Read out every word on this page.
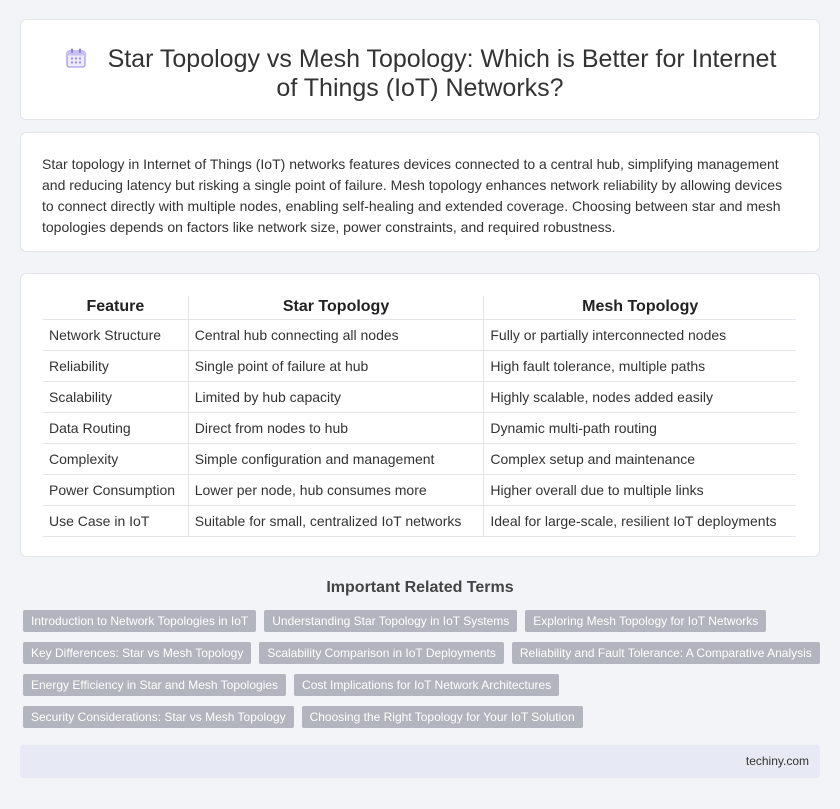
Star Topology vs Mesh Topology: Which is Better for Internet of Things (IoT) Networks?

Star topology in Internet of Things (IoT) networks features devices connected to a central hub, simplifying management and reducing latency but risking a single point of failure. Mesh topology enhances network reliability by allowing devices to connect directly with multiple nodes, enabling self-healing and extended coverage. Choosing between star and mesh topologies depends on factors like network size, power constraints, and required robustness.

Feature	Star Topology	Mesh Topology
Network Structure	Central hub connecting all nodes	Fully or partially interconnected nodes
Reliability	Single point of failure at hub	High fault tolerance, multiple paths
Scalability	Limited by hub capacity	Highly scalable, nodes added easily
Data Routing	Direct from nodes to hub	Dynamic multi-path routing
Complexity	Simple configuration and management	Complex setup and maintenance
Power Consumption	Lower per node, hub consumes more	Higher overall due to multiple links
Use Case in IoT	Suitable for small, centralized IoT networks	Ideal for large-scale, resilient IoT deployments
Important Related Terms
Introduction to Network Topologies in IoT	Understanding Star Topology in IoT Systems	Exploring Mesh Topology for IoT Networks
Key Differences: Star vs Mesh Topology	Scalability Comparison in IoT Deployments	Reliability and Fault Tolerance: A Comparative Analysis
Energy Efficiency in Star and Mesh Topologies	Cost Implications for IoT Network Architectures
Security Considerations: Star vs Mesh Topology	Choosing the Right Topology for Your IoT Solution
techiny.com
